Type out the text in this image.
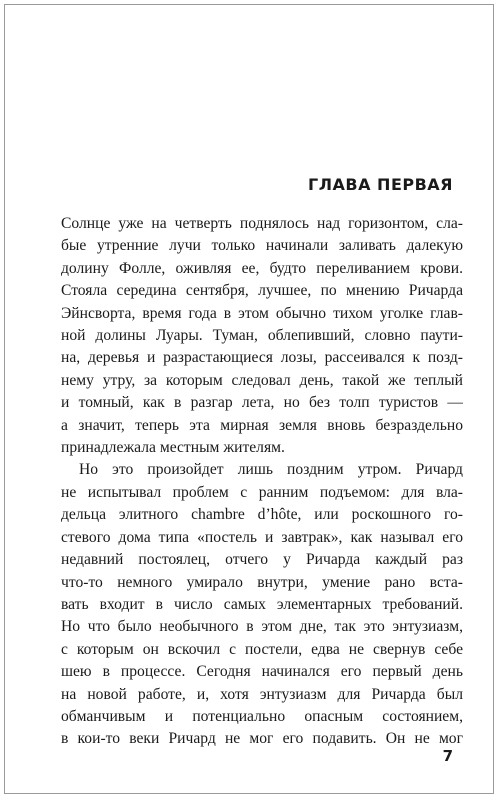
ГЛАВА ПЕРВАЯ
Солнце уже на четверть поднялось над горизонтом, сла-
бые утренние лучи только начинали заливать далекую
долину Фолле, оживляя ее, будто переливанием крови.
Стояла середина сентября, лучшее, по мнению Ричарда
Эйнсворта, время года в этом обычно тихом уголке глав-
ной долины Луары. Туман, облепивший, словно паути-
на, деревья и разрастающиеся лозы, рассеивался к позд-
нему утру, за которым следовал день, такой же теплый
и томный, как в разгар лета, но без толп туристов —
а значит, теперь эта мирная земля вновь безраздельно
принадлежала местным жителям.
Но это произойдет лишь поздним утром. Ричард
не испытывал проблем с ранним подъемом: для вла-
дельца элитного chambre d’hôte, или роскошного го-
стевого дома типа «постель и завтрак», как называл его
недавний постоялец, отчего у Ричарда каждый раз
что-то немного умирало внутри, умение рано вста-
вать входит в число самых элементарных требований.
Но что было необычного в этом дне, так это энтузиазм,
с которым он вскочил с постели, едва не свернув себе
шею в процессе. Сегодня начинался его первый день
на новой работе, и, хотя энтузиазм для Ричарда был
обманчивым и потенциально опасным состоянием,
в кои-то веки Ричард не мог его подавить. Он не мог
7
